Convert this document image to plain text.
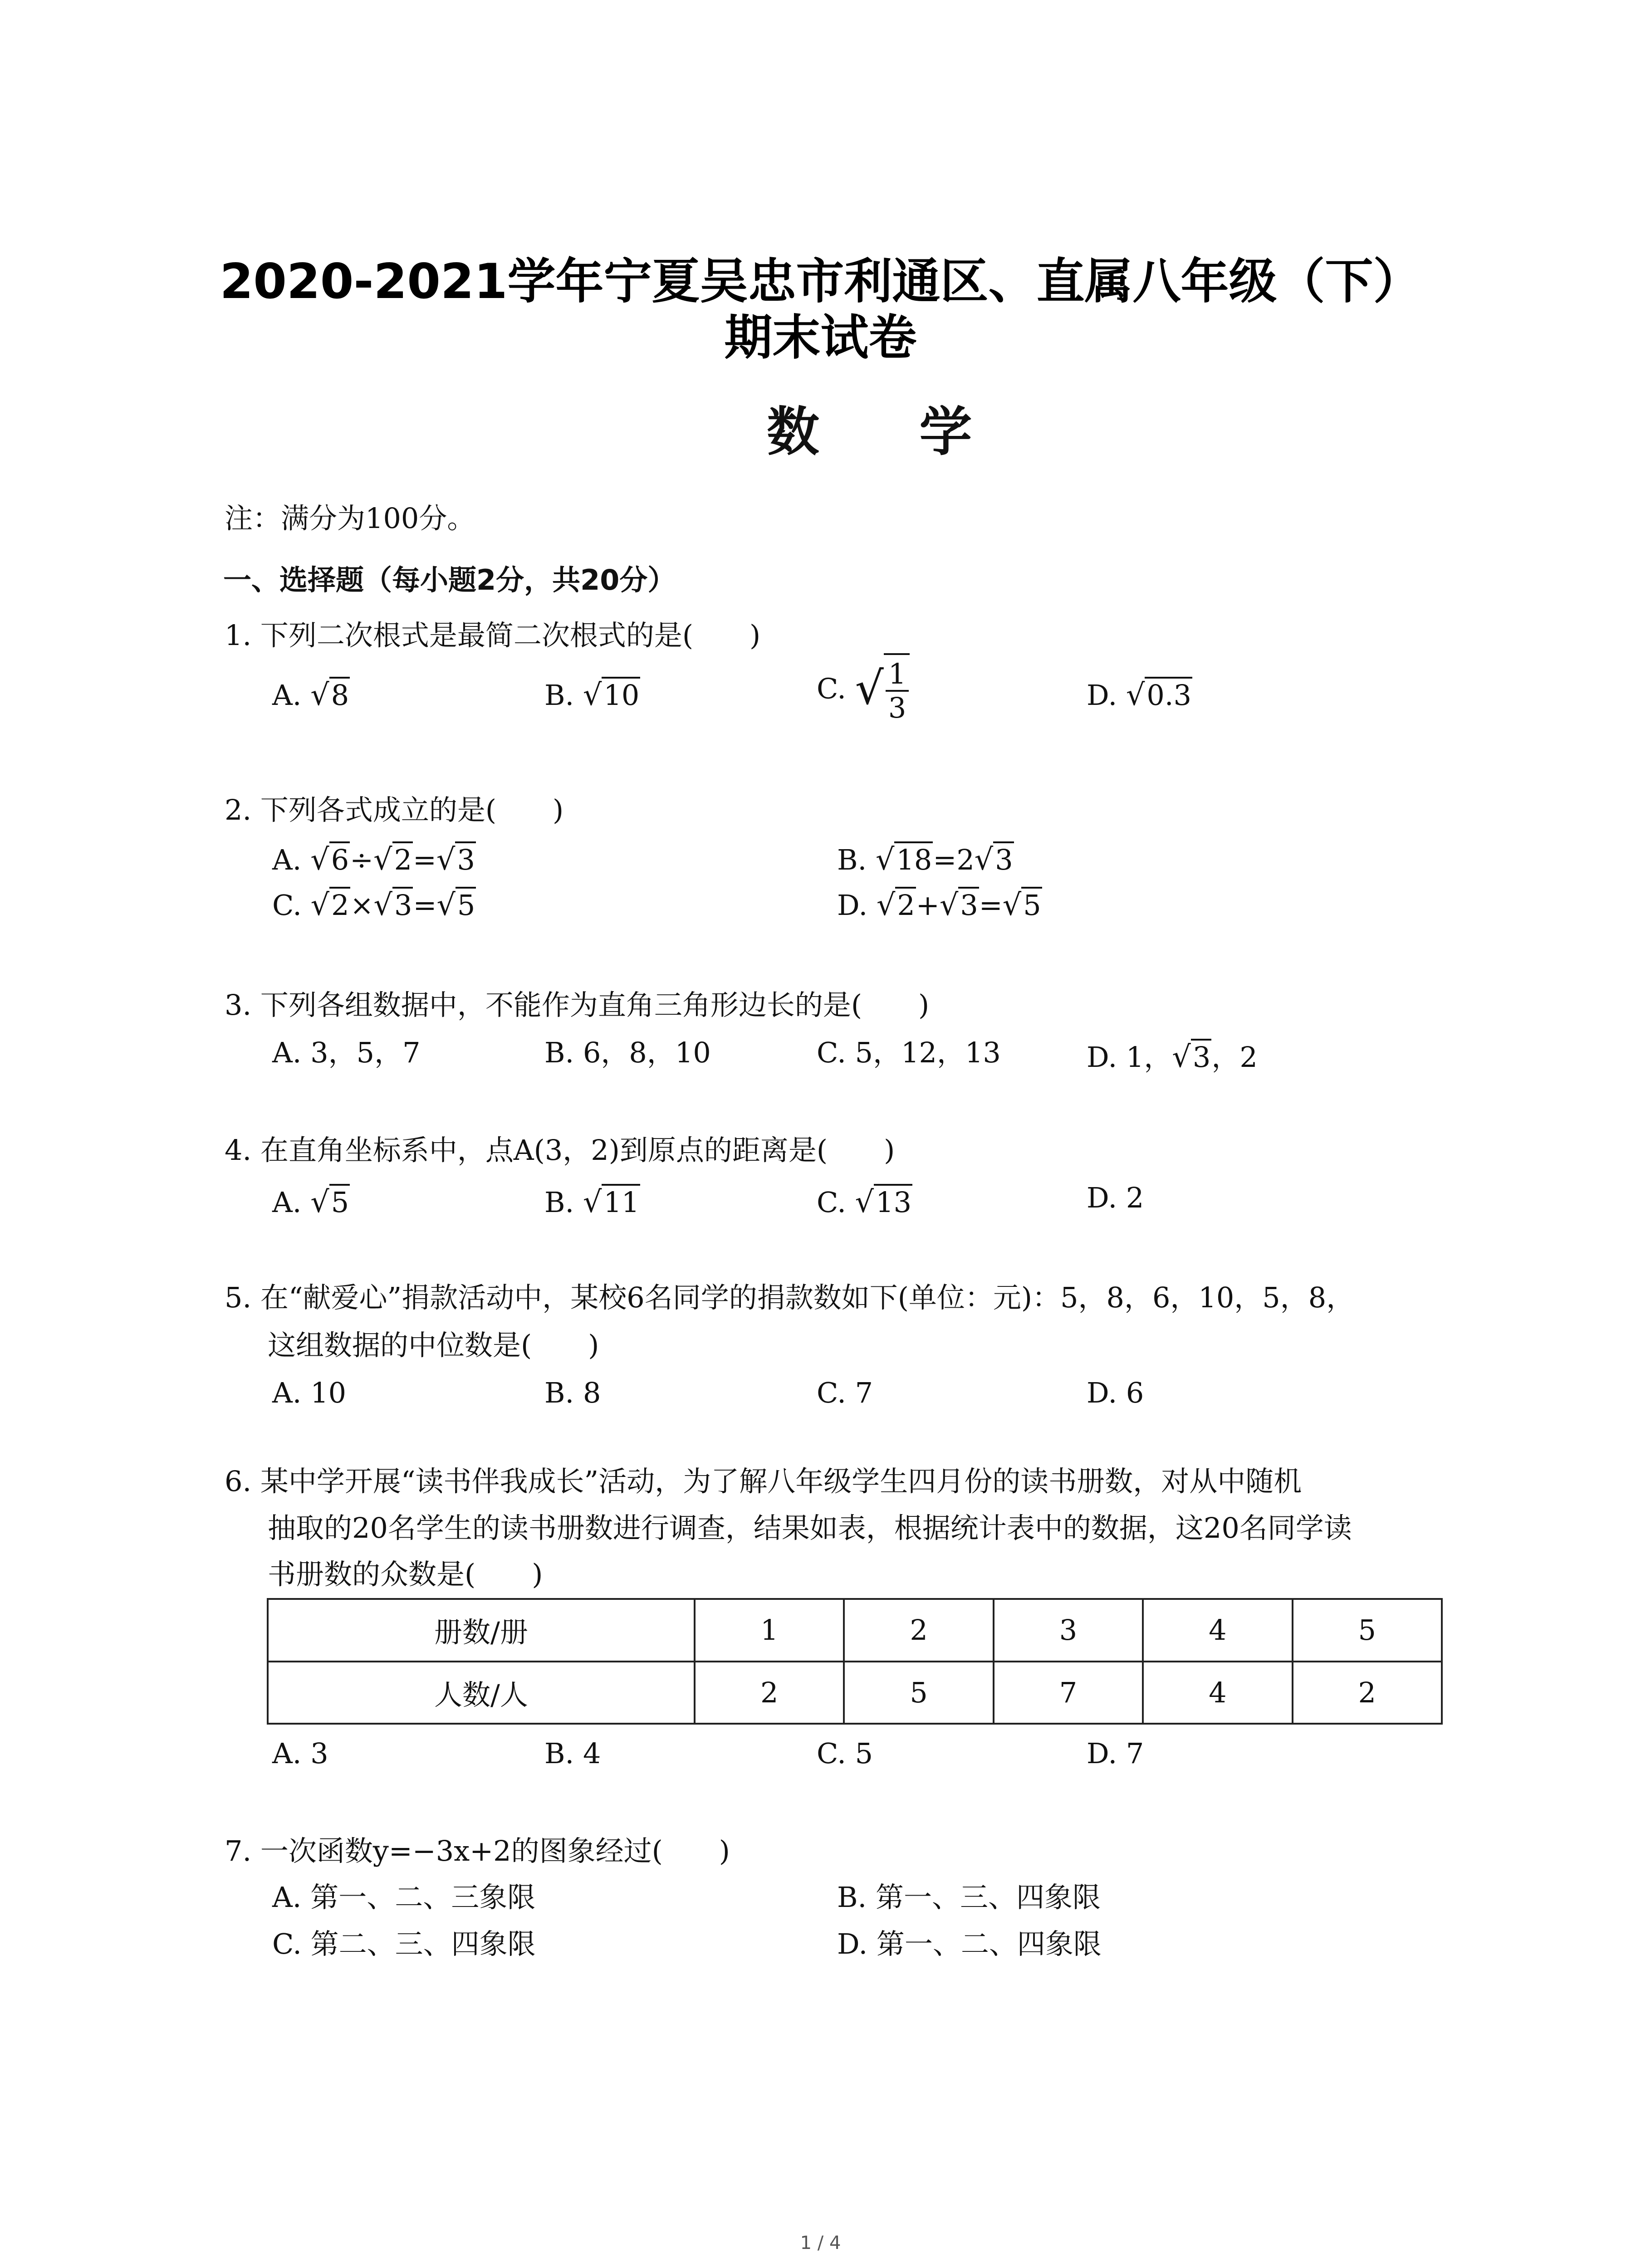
2020-2021学年宁夏吴忠市利通区、直属八年级（下）
期末试卷
数 学
注：满分为100分。
一、选择题（每小题2分，共20分）
1. 下列二次根式是最简二次根式的是(　　)
A. √8	B. √10	C. √ $\frac{1}{3}$	D. √0.3
2. 下列各式成立的是(　　)
A. √6÷√2=√3	B. √18=2√3
C. √2×√3=√5	D. √2+√3=√5
3. 下列各组数据中，不能作为直角三角形边长的是(　　)
A. 3，5，7	B. 6，8，10	C. 5，12，13	D. 1，√3，2
4. 在直角坐标系中，点A(3，2)到原点的距离是(　　)
A. √5	B. √11	C. √13	D. 2
5. 在“献爱心”捐款活动中，某校6名同学的捐款数如下(单位：元)：5，8，6，10，5，8，
这组数据的中位数是(　　)
A. 10	B. 8	C. 7	D. 6
6. 某中学开展“读书伴我成长”活动，为了解八年级学生四月份的读书册数，对从中随机
抽取的20名学生的读书册数进行调查，结果如表，根据统计表中的数据，这20名同学读
书册数的众数是(　　)
册数/册	1	2	3	4	5
人数/人	2	5	7	4	2
A. 3	B. 4	C. 5	D. 7
7. 一次函数y=−3x+2的图象经过(　　)
A. 第一、二、三象限	B. 第一、三、四象限
C. 第二、三、四象限	D. 第一、二、四象限
1 / 4
